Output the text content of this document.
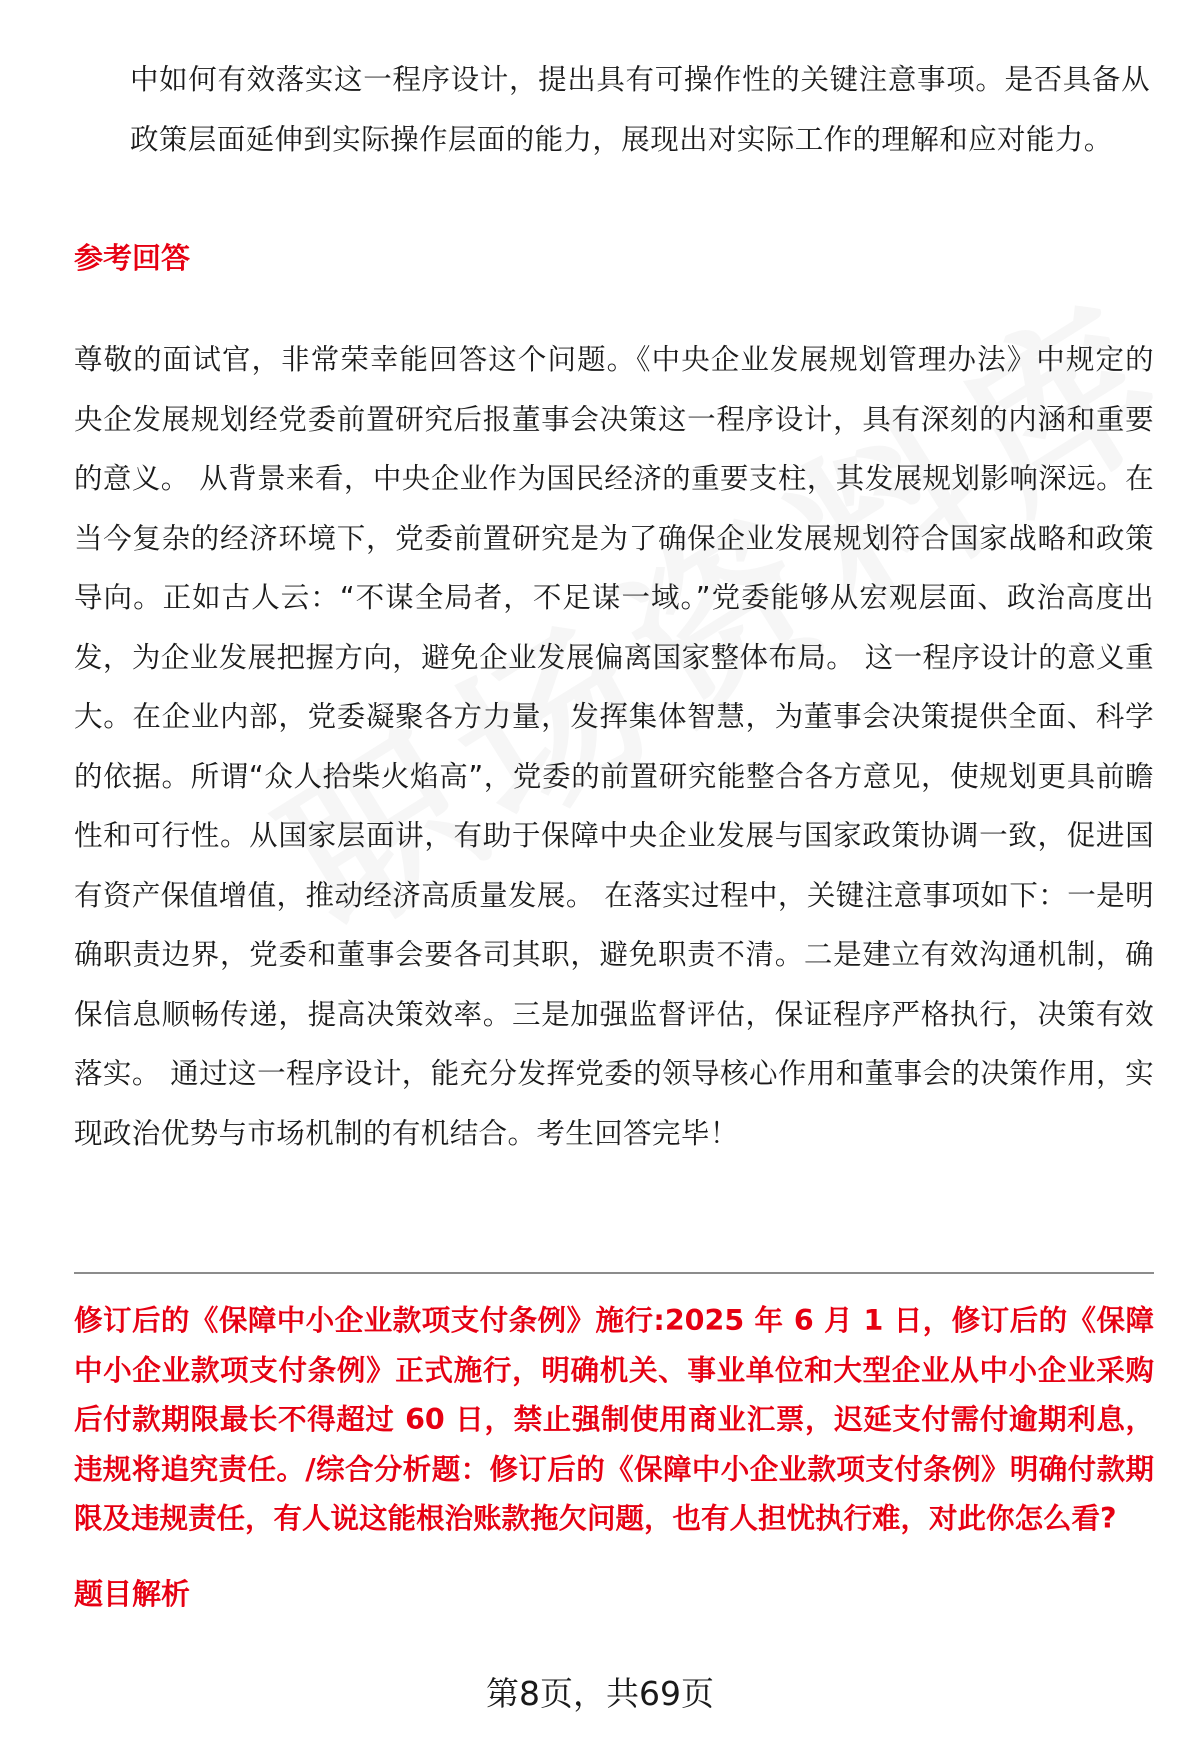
中如何有效落实这一程序设计，提出具有可操作性的关键注意事项。是否具备从政策层面延伸到实际操作层面的能力，展现出对实际工作的理解和应对能力。

参考回答

尊敬的面试官，非常荣幸能回答这个问题。《中央企业发展规划管理办法》中规定的央企发展规划经党委前置研究后报董事会决策这一程序设计，具有深刻的内涵和重要的意义。 从背景来看，中央企业作为国民经济的重要支柱，其发展规划影响深远。在当今复杂的经济环境下，党委前置研究是为了确保企业发展规划符合国家战略和政策导向。正如古人云：“不谋全局者，不足谋一域。”党委能够从宏观层面、政治高度出发，为企业发展把握方向，避免企业发展偏离国家整体布局。 这一程序设计的意义重大。在企业内部，党委凝聚各方力量，发挥集体智慧，为董事会决策提供全面、科学的依据。所谓“众人拾柴火焰高”，党委的前置研究能整合各方意见，使规划更具前瞻性和可行性。从国家层面讲，有助于保障中央企业发展与国家政策协调一致，促进国有资产保值增值，推动经济高质量发展。 在落实过程中，关键注意事项如下：一是明确职责边界，党委和董事会要各司其职，避免职责不清。二是建立有效沟通机制，确保信息顺畅传递，提高决策效率。三是加强监督评估，保证程序严格执行，决策有效落实。 通过这一程序设计，能充分发挥党委的领导核心作用和董事会的决策作用，实现政治优势与市场机制的有机结合。考生回答完毕！

修订后的《保障中小企业款项支付条例》施行:2025 年 6 月 1 日，修订后的《保障中小企业款项支付条例》正式施行，明确机关、事业单位和大型企业从中小企业采购后付款期限最长不得超过 60 日，禁止强制使用商业汇票，迟延支付需付逾期利息，违规将追究责任。/综合分析题：修订后的《保障中小企业款项支付条例》明确付款期限及违规责任，有人说这能根治账款拖欠问题，也有人担忧执行难，对此你怎么看?

题目解析

第8页，共69页
